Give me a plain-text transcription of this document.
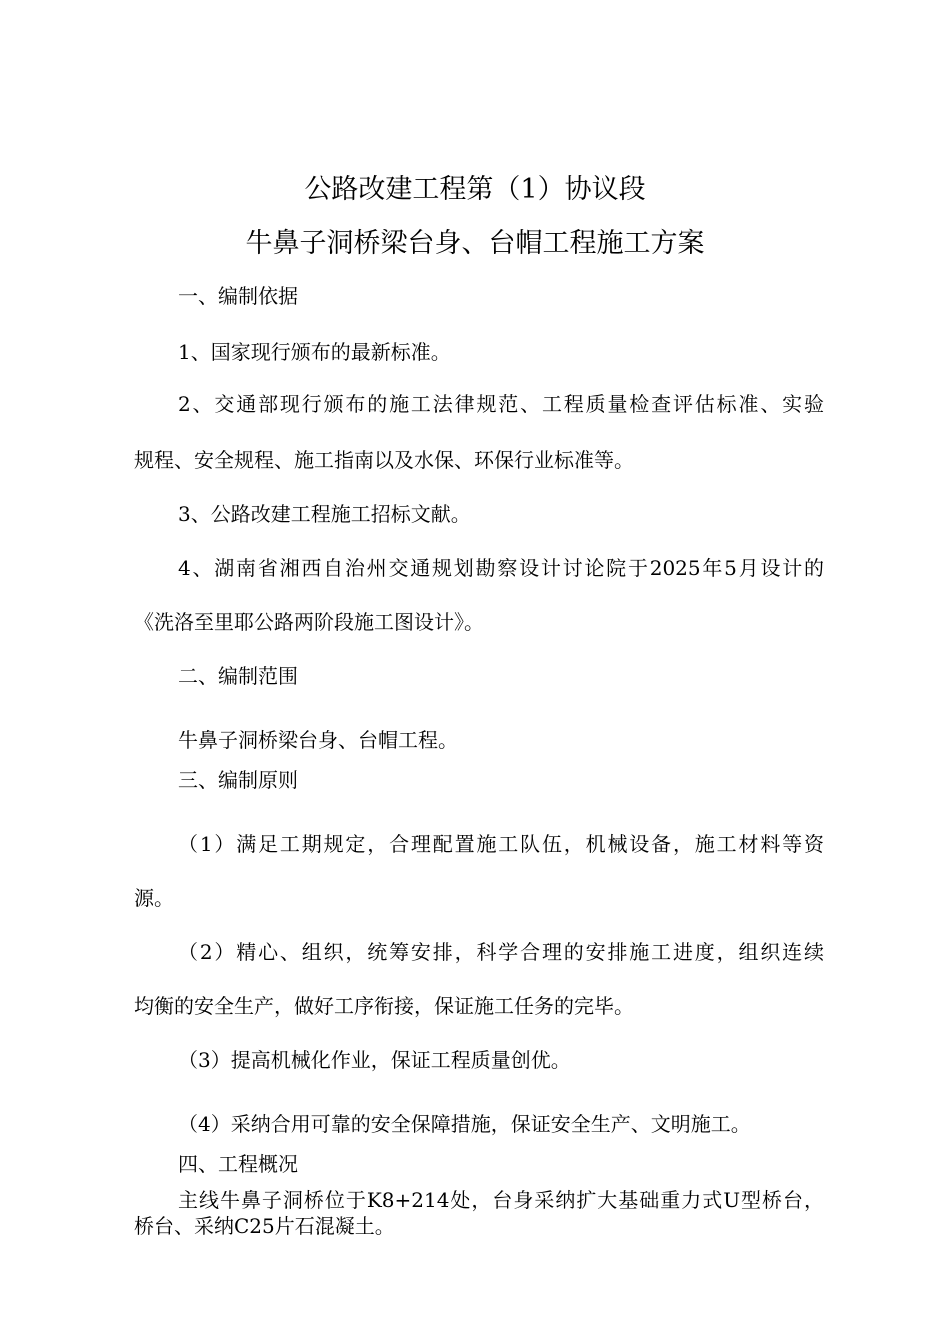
公路改建工程第（1）协议段
牛鼻子洞桥梁台身、台帽工程施工方案

一、编制依据

1、国家现行颁布的最新标准。

2、交通部现行颁布的施工法律规范、工程质量检查评估标准、实验

规程、安全规程、施工指南以及水保、环保行业标准等。

3、公路改建工程施工招标文献。

4、湖南省湘西自治州交通规划勘察设计讨论院于2025年5月设计的

《洗洛至里耶公路两阶段施工图设计》。

二、编制范围

牛鼻子洞桥梁台身、台帽工程。

三、编制原则

（1）满足工期规定，合理配置施工队伍，机械设备，施工材料等资

源。

（2）精心、组织，统筹安排，科学合理的安排施工进度，组织连续

均衡的安全生产，做好工序衔接，保证施工任务的完毕。

（3）提高机械化作业，保证工程质量创优。

（4）采纳合用可靠的安全保障措施，保证安全生产、文明施工。

四、工程概况

主线牛鼻子洞桥位于K8+214处，台身采纳扩大基础重力式U型桥台，

桥台、采纳C25片石混凝土。
